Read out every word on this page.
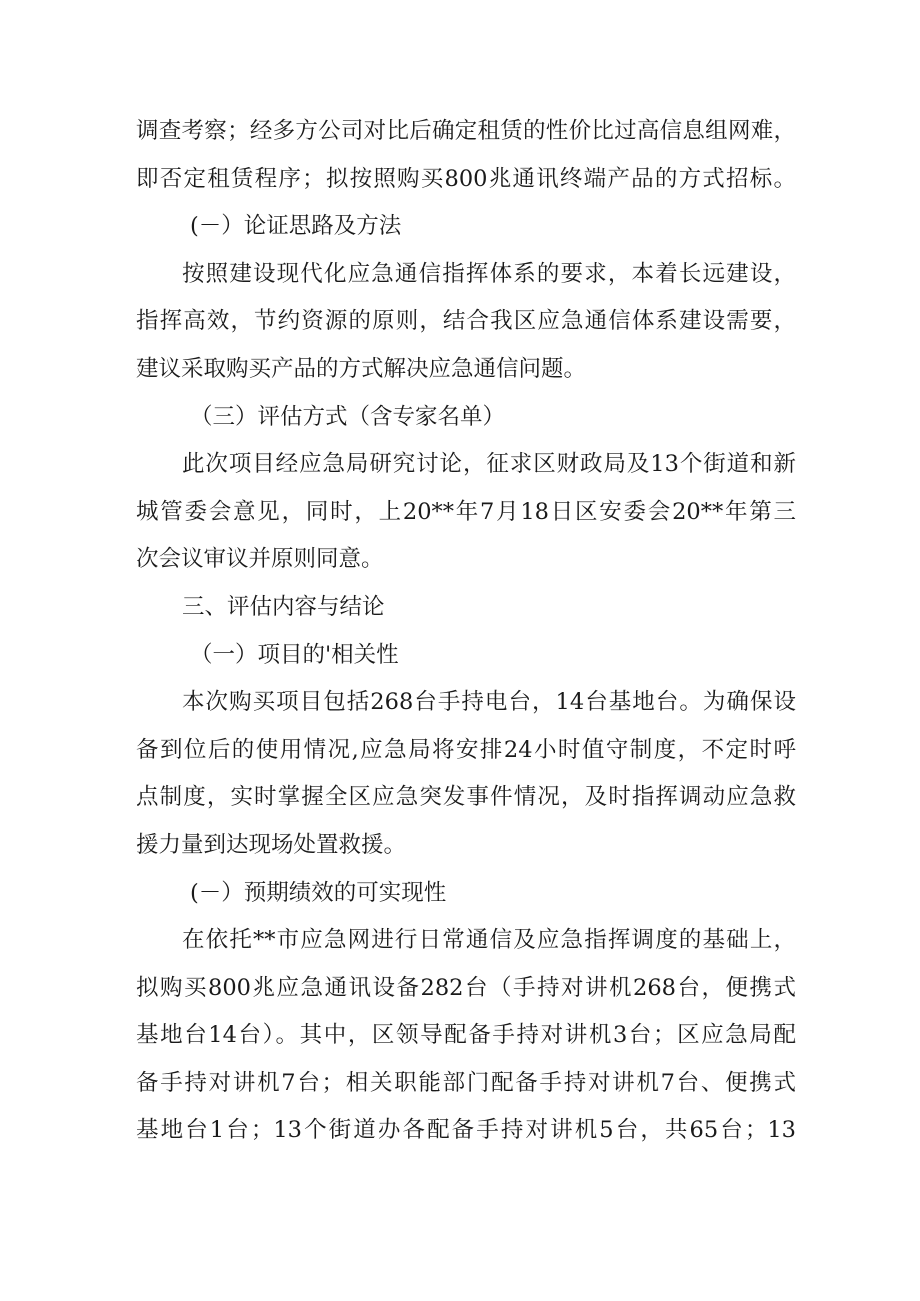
调查考察；经多方公司对比后确定租赁的性价比过高信息组网难，
即否定租赁程序；拟按照购买800兆通讯终端产品的方式招标。
(－）论证思路及方法
按照建设现代化应急通信指挥体系的要求，本着长远建设，
指挥高效，节约资源的原则，结合我区应急通信体系建设需要，
建议采取购买产品的方式解决应急通信问题。
（三）评估方式（含专家名单）
此次项目经应急局研究讨论，征求区财政局及13个街道和新
城管委会意见，同时，上20**年7月18日区安委会20**年第三
次会议审议并原则同意。
三、评估内容与结论
（一）项目的'相关性
本次购买项目包括268台手持电台，14台基地台。为确保设
备到位后的使用情况,应急局将安排24小时值守制度，不定时呼
点制度，实时掌握全区应急突发事件情况，及时指挥调动应急救
援力量到达现场处置救援。
(－）预期绩效的可实现性
在依托**市应急网进行日常通信及应急指挥调度的基础上，
拟购买800兆应急通讯设备282台（手持对讲机268台，便携式
基地台14台）。其中，区领导配备手持对讲机3台；区应急局配
备手持对讲机7台；相关职能部门配备手持对讲机7台、便携式
基地台1台；13个街道办各配备手持对讲机5台，共65台；13
